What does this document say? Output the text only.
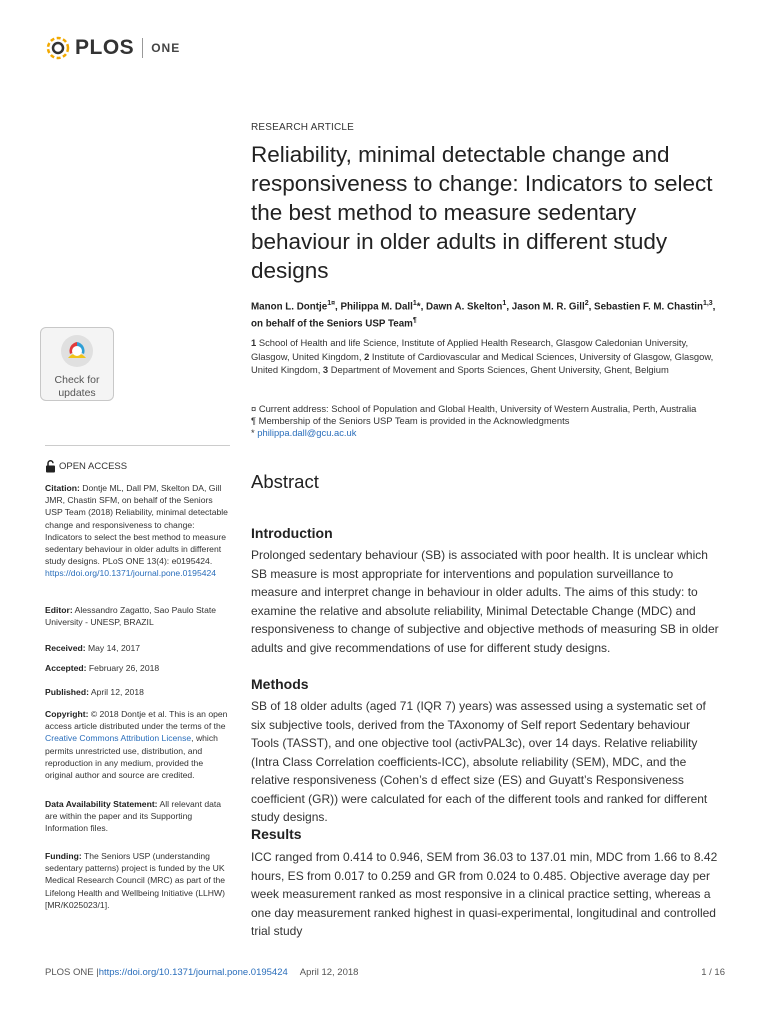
PLOS ONE
Check for
updates
OPEN ACCESS
Citation: Dontje ML, Dall PM, Skelton DA, Gill JMR, Chastin SFM, on behalf of the Seniors USP Team (2018) Reliability, minimal detectable change and responsiveness to change: Indicators to select the best method to measure sedentary behaviour in older adults in different study designs. PLoS ONE 13(4): e0195424. https://doi.org/10.1371/journal.pone.0195424
Editor: Alessandro Zagatto, Sao Paulo State University - UNESP, BRAZIL
Received: May 14, 2017
Accepted: February 26, 2018
Published: April 12, 2018
Copyright: © 2018 Dontje et al. This is an open access article distributed under the terms of the Creative Commons Attribution License, which permits unrestricted use, distribution, and reproduction in any medium, provided the original author and source are credited.
Data Availability Statement: All relevant data are within the paper and its Supporting Information files.
Funding: The Seniors USP (understanding sedentary patterns) project is funded by the UK Medical Research Council (MRC) as part of the Lifelong Health and Wellbeing Initiative (LLHW) [MR/K025023/1].
RESEARCH ARTICLE
Reliability, minimal detectable change and responsiveness to change: Indicators to select the best method to measure sedentary behaviour in older adults in different study designs
Manon L. Dontje$^{1¤}$, Philippa M. Dall$^1$*, Dawn A. Skelton$^1$, Jason M. R. Gill$^2$, Sebastien F. M. Chastin$^{1,3}$, on behalf of the Seniors USP Team¶
1 School of Health and life Science, Institute of Applied Health Research, Glasgow Caledonian University, Glasgow, United Kingdom, 2 Institute of Cardiovascular and Medical Sciences, University of Glasgow, Glasgow, United Kingdom, 3 Department of Movement and Sports Sciences, Ghent University, Ghent, Belgium
¤ Current address: School of Population and Global Health, University of Western Australia, Perth, Australia
¶ Membership of the Seniors USP Team is provided in the Acknowledgments
* philippa.dall@gcu.ac.uk
Abstract
Introduction
Prolonged sedentary behaviour (SB) is associated with poor health. It is unclear which SB measure is most appropriate for interventions and population surveillance to measure and interpret change in behaviour in older adults. The aims of this study: to examine the relative and absolute reliability, Minimal Detectable Change (MDC) and responsiveness to change of subjective and objective methods of measuring SB in older adults and give recommendations of use for different study designs.
Methods
SB of 18 older adults (aged 71 (IQR 7) years) was assessed using a systematic set of six subjective tools, derived from the TAxonomy of Self report Sedentary behaviour Tools (TASST), and one objective tool (activPAL3c), over 14 days. Relative reliability (Intra Class Correlation coefficients-ICC), absolute reliability (SEM), MDC, and the relative responsiveness (Cohen’s d effect size (ES) and Guyatt’s Responsiveness coefficient (GR)) were calculated for each of the different tools and ranked for different study designs.
Results
ICC ranged from 0.414 to 0.946, SEM from 36.03 to 137.01 min, MDC from 1.66 to 8.42 hours, ES from 0.017 to 0.259 and GR from 0.024 to 0.485. Objective average day per week measurement ranked as most responsive in a clinical practice setting, whereas a one day measurement ranked highest in quasi-experimental, longitudinal and controlled trial study
PLOS ONE | https://doi.org/10.1371/journal.pone.0195424 April 12, 2018	1 / 16
